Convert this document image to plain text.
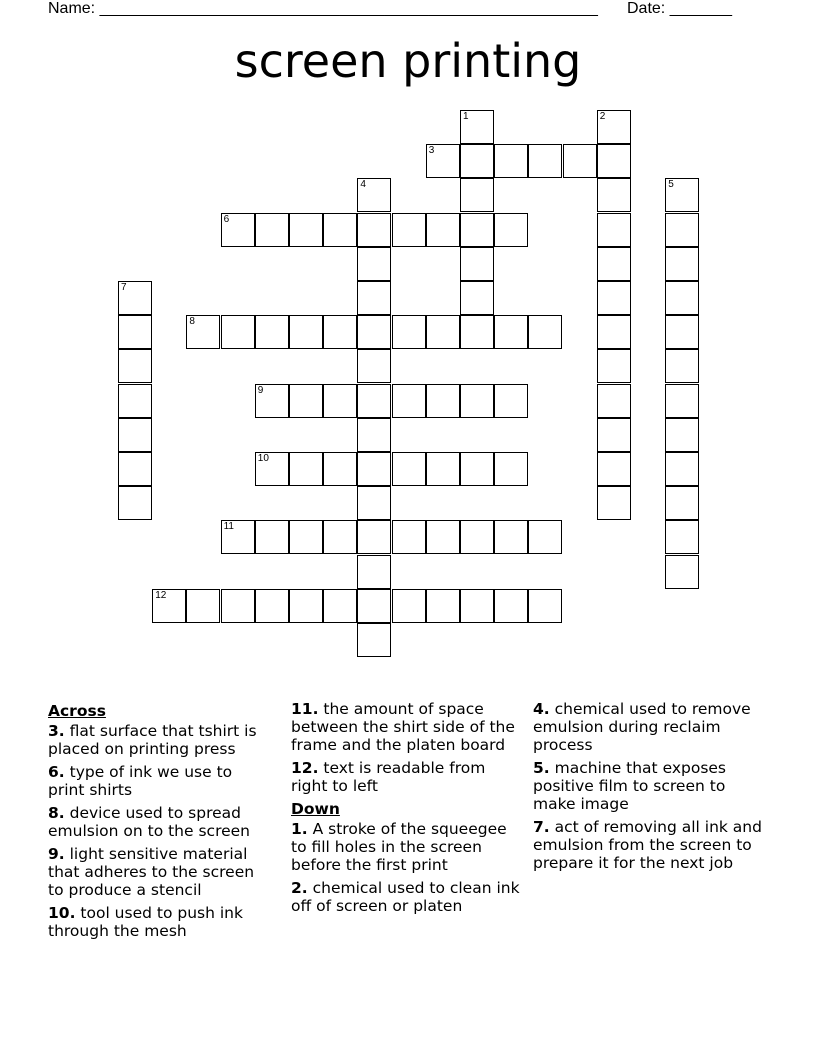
Name: ________________________________________________________ Date: _______
screen printing
1	2
3
4	5
6
7
8
9
10
11
12
Across
3. flat surface that tshirt is placed on printing press
6. type of ink we use to print shirts
8. device used to spread emulsion on to the screen
9. light sensitive material that adheres to the screen to produce a stencil
10. tool used to push ink through the mesh
11. the amount of space between the shirt side of the frame and the platen board
12. text is readable from right to left
Down
1. A stroke of the squeegee to fill holes in the screen before the first print
2. chemical used to clean ink off of screen or platen
4. chemical used to remove emulsion during reclaim process
5. machine that exposes positive film to screen to make image
7. act of removing all ink and emulsion from the screen to prepare it for the next job
